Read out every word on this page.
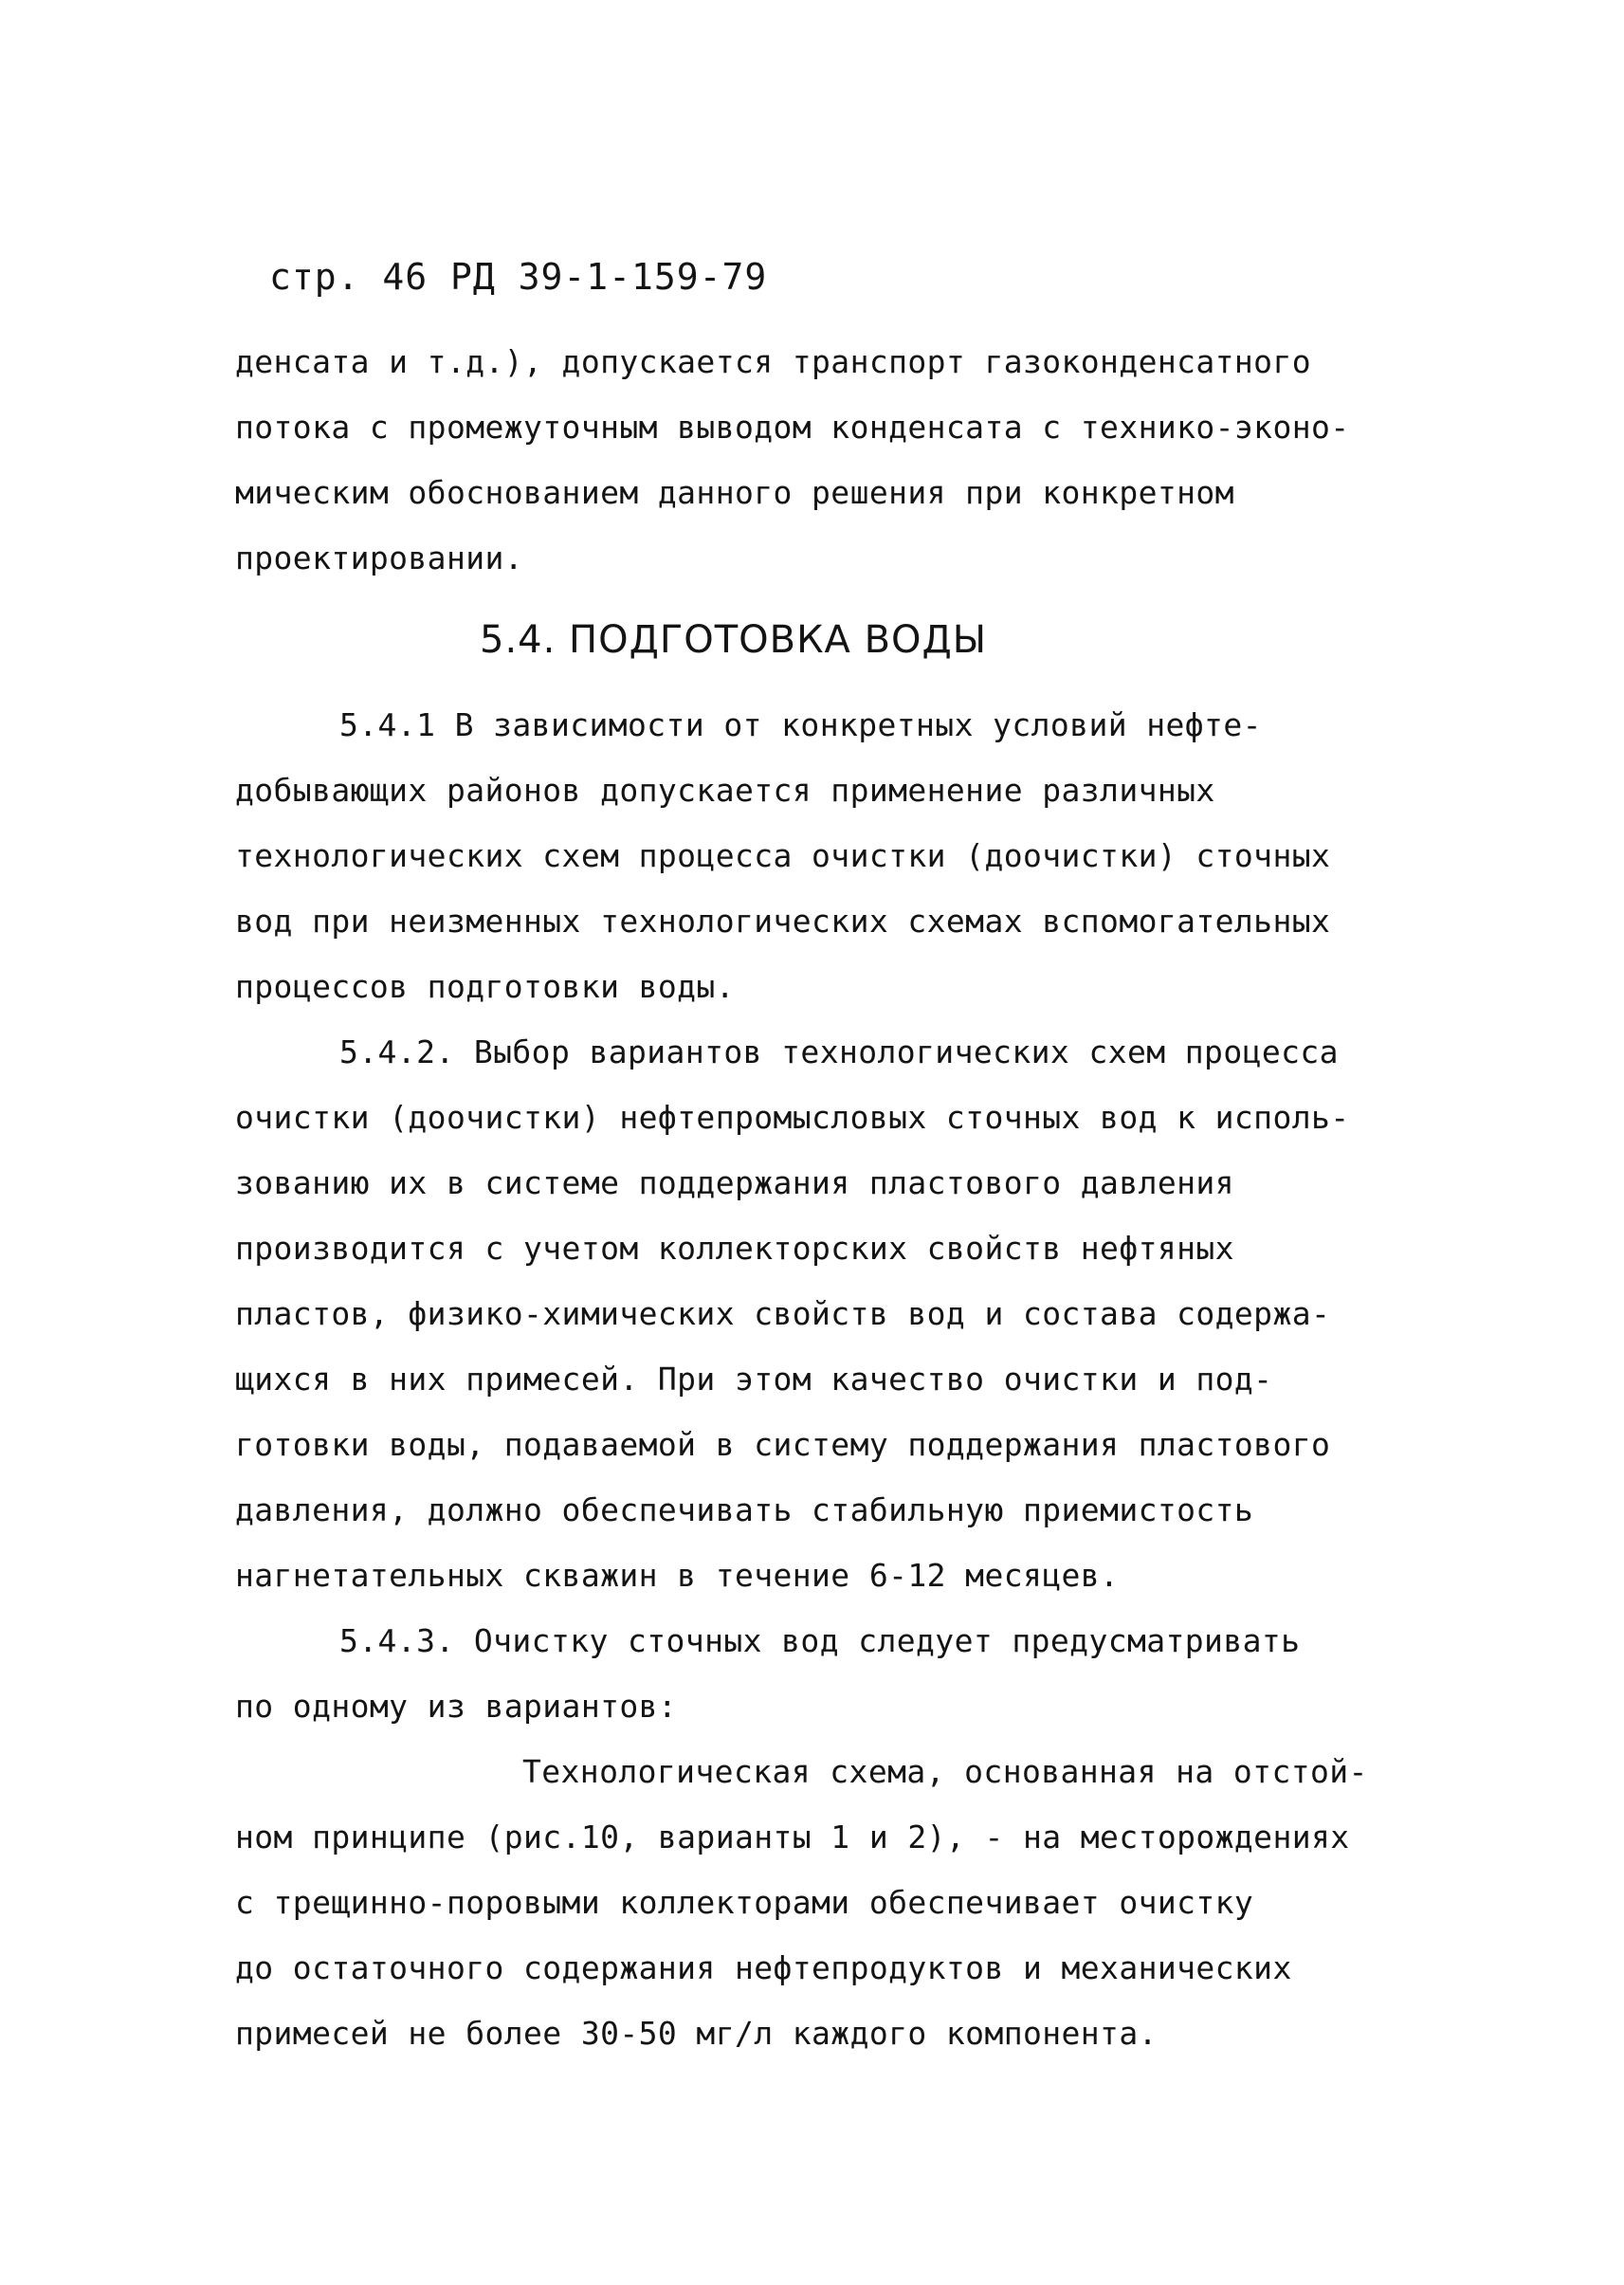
стр. 46 РД 39-1-159-79
денсата и т.д.), допускается транспорт газоконденсатного
потока с промежуточным выводом конденсата с технико-эконо-
мическим обоснованием данного решения при конкретном
проектировании.
5.4. ПОДГОТОВКА ВОДЫ
5.4.1 В зависимости от конкретных условий нефте-
добывающих районов допускается применение различных
технологических схем процесса очистки (доочистки) сточных
вод при неизменных технологических схемах вспомогательных
процессов подготовки воды.
5.4.2. Выбор вариантов технологических схем процесса
очистки (доочистки) нефтепромысловых сточных вод к исполь-
зованию их в системе поддержания пластового давления
производится с учетом коллекторских свойств нефтяных
пластов, физико-химических свойств вод и состава содержа-
щихся в них примесей. При этом качество очистки и под-
готовки воды, подаваемой в систему поддержания пластового
давления, должно обеспечивать стабильную приемистость
нагнетательных скважин в течение 6-12 месяцев.
5.4.3. Очистку сточных вод следует предусматривать
по одному из вариантов:
Технологическая схема, основанная на отстой-
ном принципе (рис.10, варианты 1 и 2), - на месторождениях
с трещинно-поровыми коллекторами обеспечивает очистку
до остаточного содержания нефтепродуктов и механических
примесей не более 30-50 мг/л каждого компонента.
